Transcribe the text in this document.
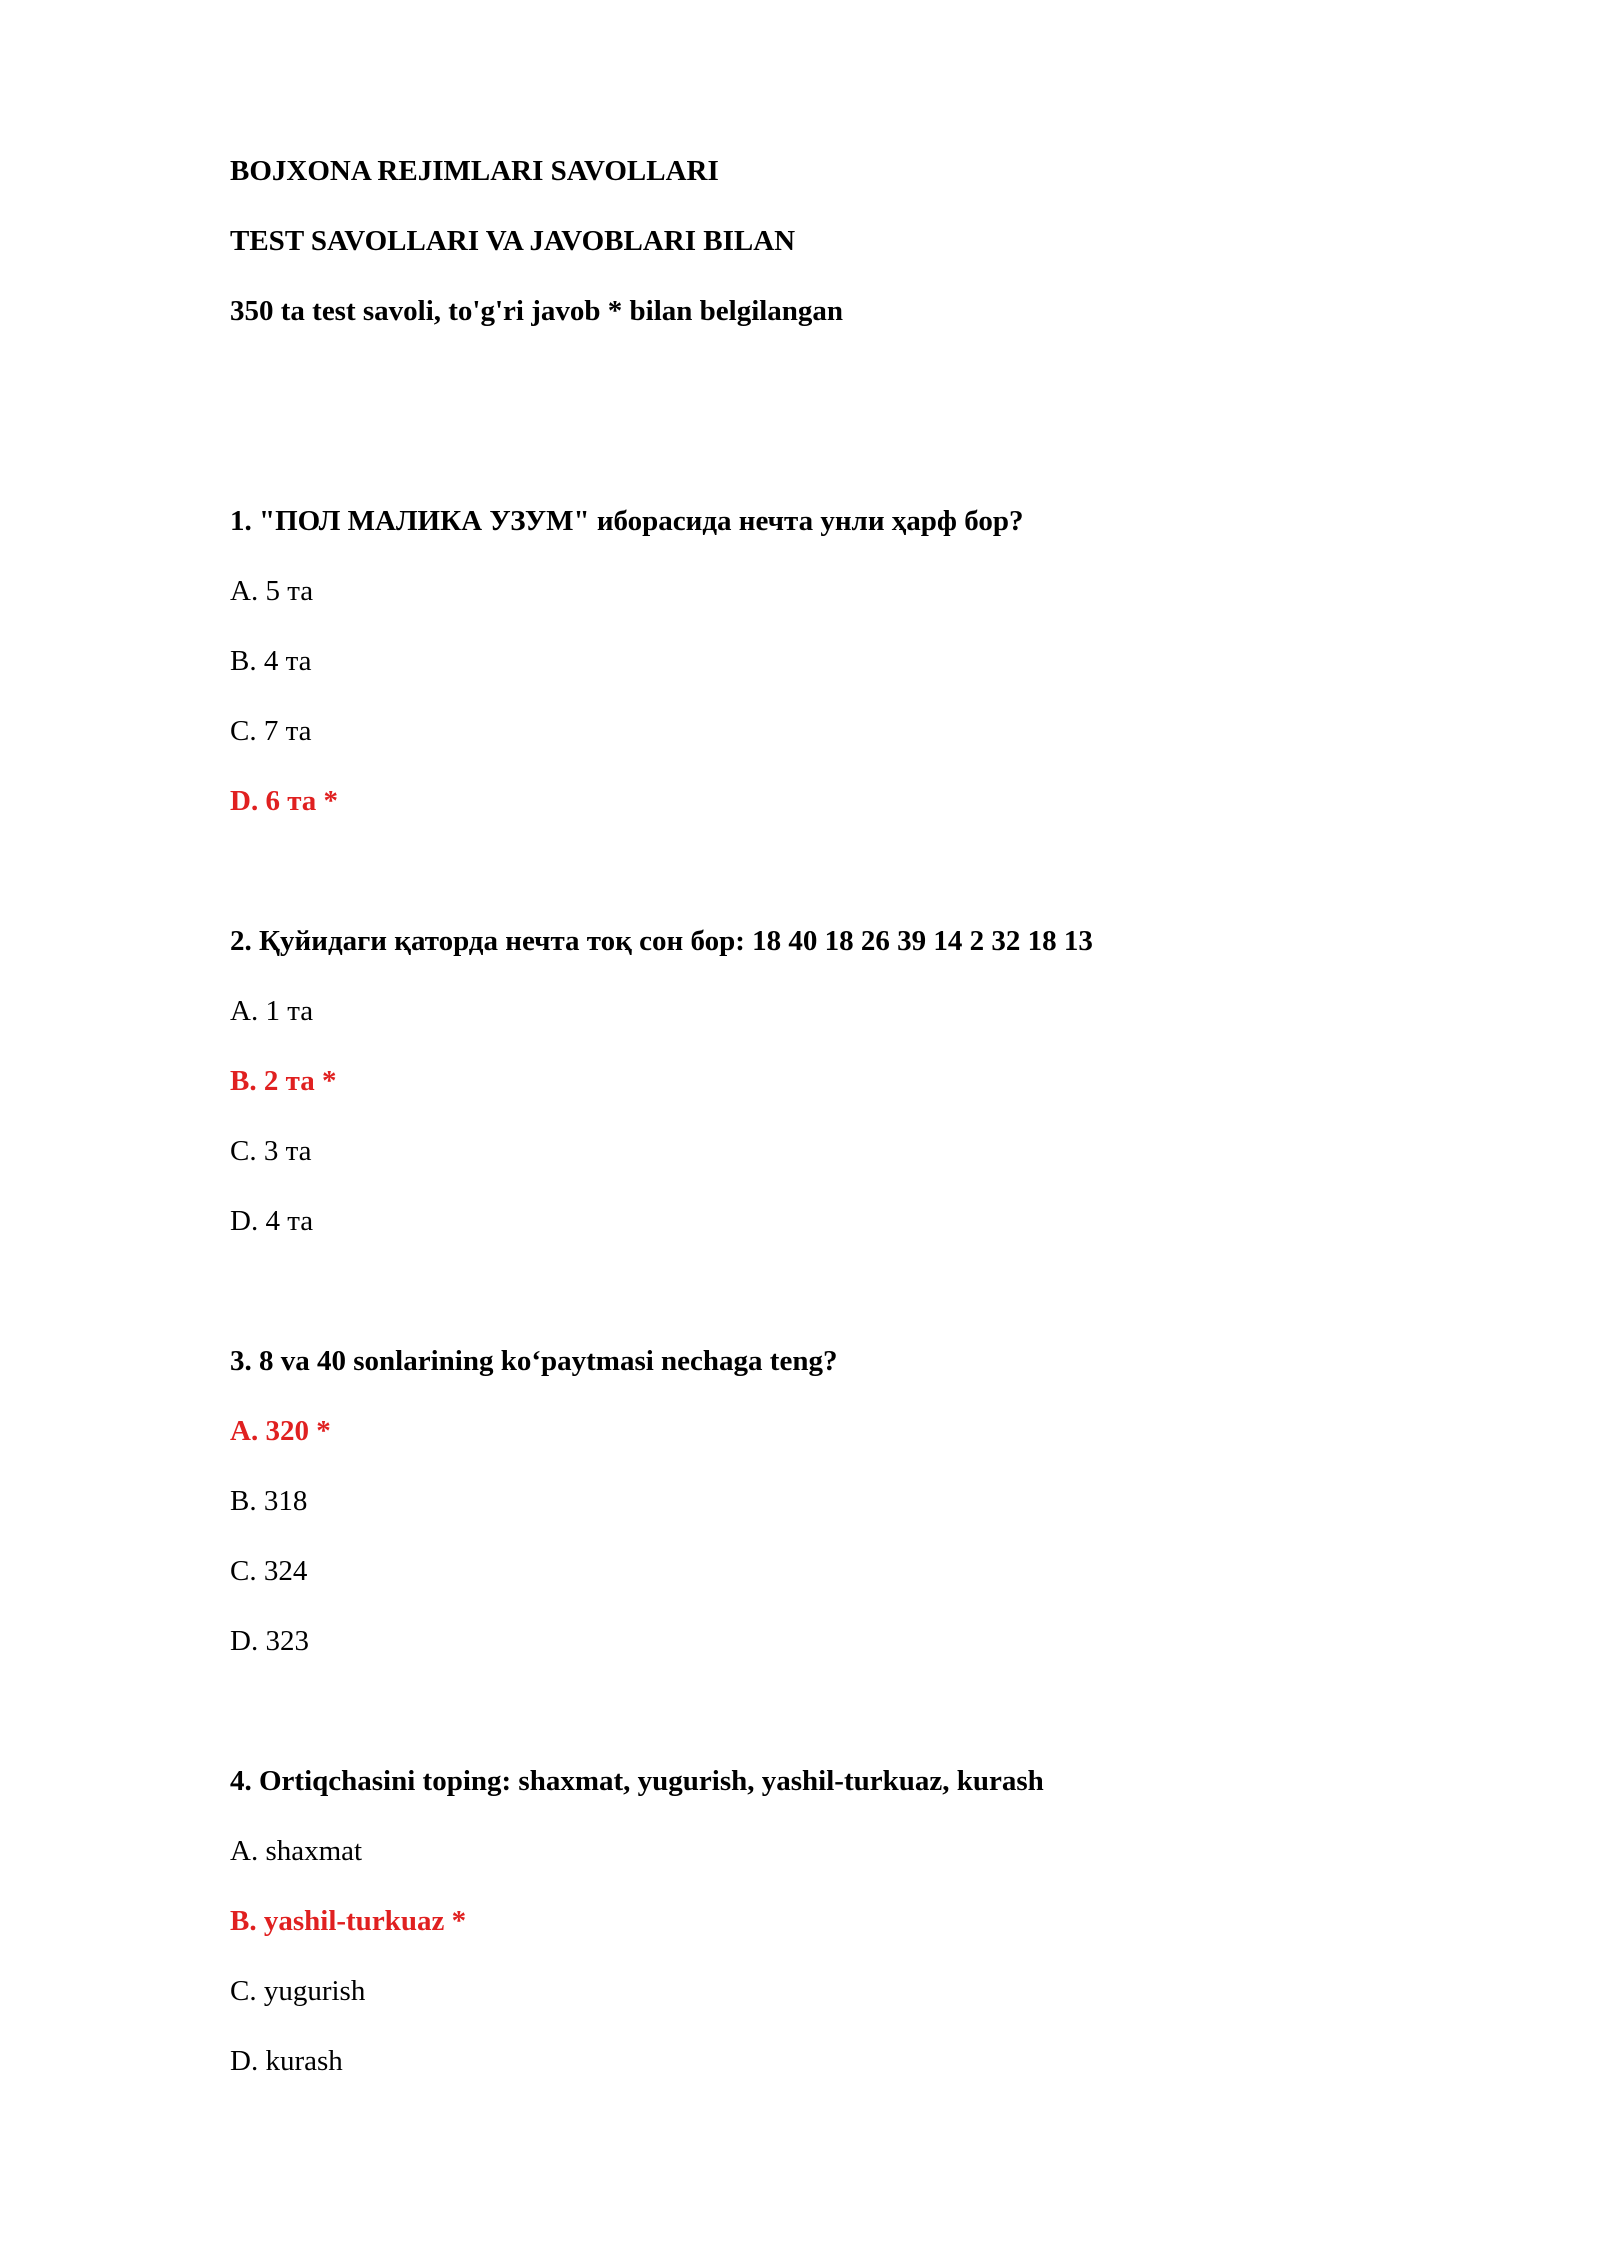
BOJXONA REJIMLARI SAVOLLARI
TEST SAVOLLARI VA JAVOBLARI BILAN
350 ta test savoli, to'g'ri javob * bilan belgilangan
1. "ПОЛ МАЛИКА УЗУМ" иборасида нечта унли ҳарф бор?
A. 5 та
B. 4 та
C. 7 та
D. 6 та *
2. Қуйидаги қаторда нечта тоқ сон бор: 18 40 18 26 39 14 2 32 18 13
A. 1 та
B. 2 та *
C. 3 та
D. 4 та
3. 8 va 40 sonlarining ko‘paytmasi nechaga teng?
A. 320 *
B. 318
C. 324
D. 323
4. Ortiqchasini toping: shaxmat, yugurish, yashil-turkuaz, kurash
A. shaxmat
B. yashil-turkuaz *
C. yugurish
D. kurash
